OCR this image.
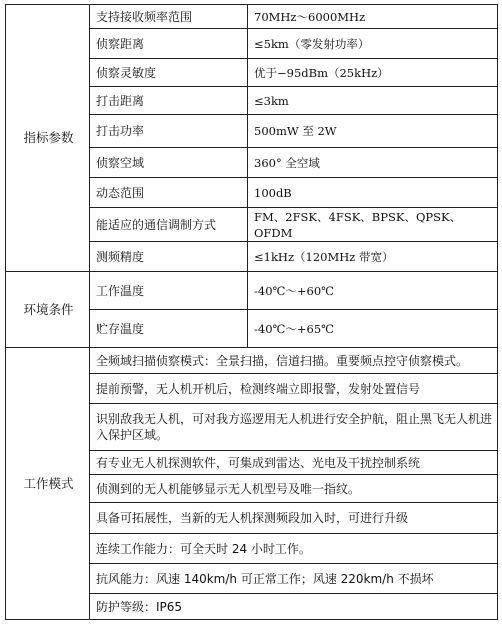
指标参数	支持接收频率范围	70MHz～6000MHz
	侦察距离	≤5km（零发射功率）
	侦察灵敏度	优于−95dBm（25kHz）
	打击距离	≤3km
	打击功率	500mW 至 2W
	侦察空域	360° 全空域
	动态范围	100dB
	能适应的通信调制方式	FM、2FSK、4FSK、BPSK、QPSK、OFDM
	测频精度	≤1kHz（120MHz 带宽）
环境条件	工作温度	-40℃～+60℃
	贮存温度	-40℃～+65℃
工作模式	全频域扫描侦察模式：全景扫描，信道扫描。重要频点控守侦察模式。	
	提前预警，无人机开机后，检测终端立即报警，发射处置信号	
	识别敌我无人机，可对我方巡逻用无人机进行安全护航，阻止黑飞无人机进入保护区域。	
	有专业无人机探测软件，可集成到雷达、光电及干扰控制系统	
	侦测到的无人机能够显示无人机型号及唯一指纹。	
	具备可拓展性，当新的无人机探测频段加入时，可进行升级	
	连续工作能力：可全天时 24 小时工作。	
	抗风能力：风速 140km/h 可正常工作；风速 220km/h 不损坏	
	防护等级：IP65	
